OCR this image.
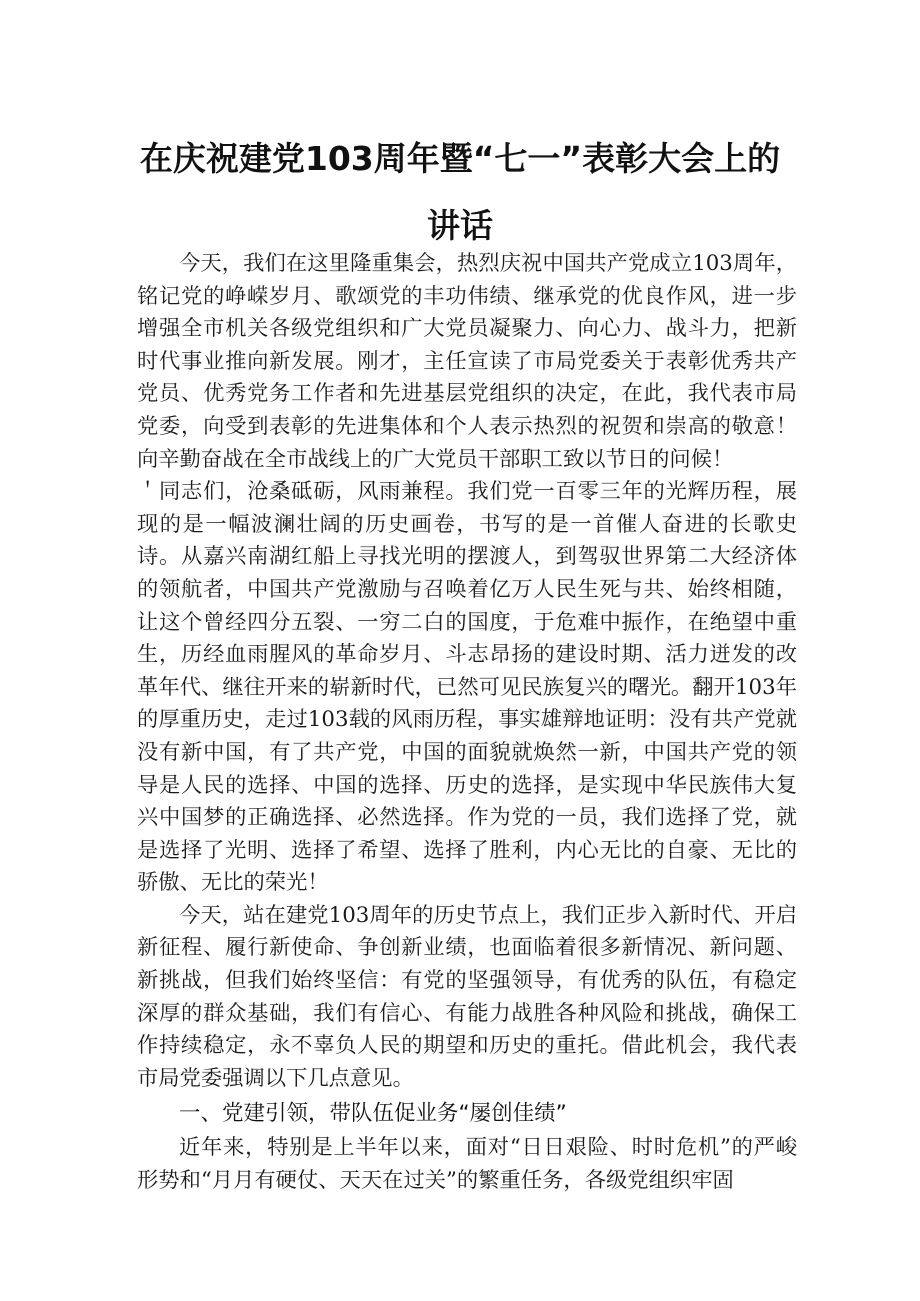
在庆祝建党103周年暨“七一”表彰大会上的
讲话

今天，我们在这里隆重集会，热烈庆祝中国共产党成立103周年，铭记党的峥嵘岁月、歌颂党的丰功伟绩、继承党的优良作风，进一步增强全市机关各级党组织和广大党员凝聚力、向心力、战斗力，把新时代事业推向新发展。刚才，主任宣读了市局党委关于表彰优秀共产党员、优秀党务工作者和先进基层党组织的决定，在此，我代表市局党委，向受到表彰的先进集体和个人表示热烈的祝贺和崇高的敬意！向辛勤奋战在全市战线上的广大党员干部职工致以节日的问候！

＇同志们，沧桑砥砺，风雨兼程。我们党一百零三年的光辉历程，展现的是一幅波澜壮阔的历史画卷，书写的是一首催人奋进的长歌史诗。从嘉兴南湖红船上寻找光明的摆渡人，到驾驭世界第二大经济体的领航者，中国共产党激励与召唤着亿万人民生死与共、始终相随，让这个曾经四分五裂、一穷二白的国度，于危难中振作，在绝望中重生，历经血雨腥风的革命岁月、斗志昂扬的建设时期、活力迸发的改革年代、继往开来的崭新时代，已然可见民族复兴的曙光。翻开103年的厚重历史，走过103载的风雨历程，事实雄辩地证明：没有共产党就没有新中国，有了共产党，中国的面貌就焕然一新，中国共产党的领导是人民的选择、中国的选择、历史的选择，是实现中华民族伟大复兴中国梦的正确选择、必然选择。作为党的一员，我们选择了党，就是选择了光明、选择了希望、选择了胜利，内心无比的自豪、无比的骄傲、无比的荣光！

今天，站在建党103周年的历史节点上，我们正步入新时代、开启新征程、履行新使命、争创新业绩，也面临着很多新情况、新问题、新挑战，但我们始终坚信：有党的坚强领导，有优秀的队伍，有稳定深厚的群众基础，我们有信心、有能力战胜各种风险和挑战，确保工作持续稳定，永不辜负人民的期望和历史的重托。借此机会，我代表市局党委强调以下几点意见。

一、党建引领，带队伍促业务“屡创佳绩”

近年来，特别是上半年以来，面对“日日艰险、时时危机”的严峻形势和“月月有硬仗、天天在过关”的繁重任务，各级党组织牢固
